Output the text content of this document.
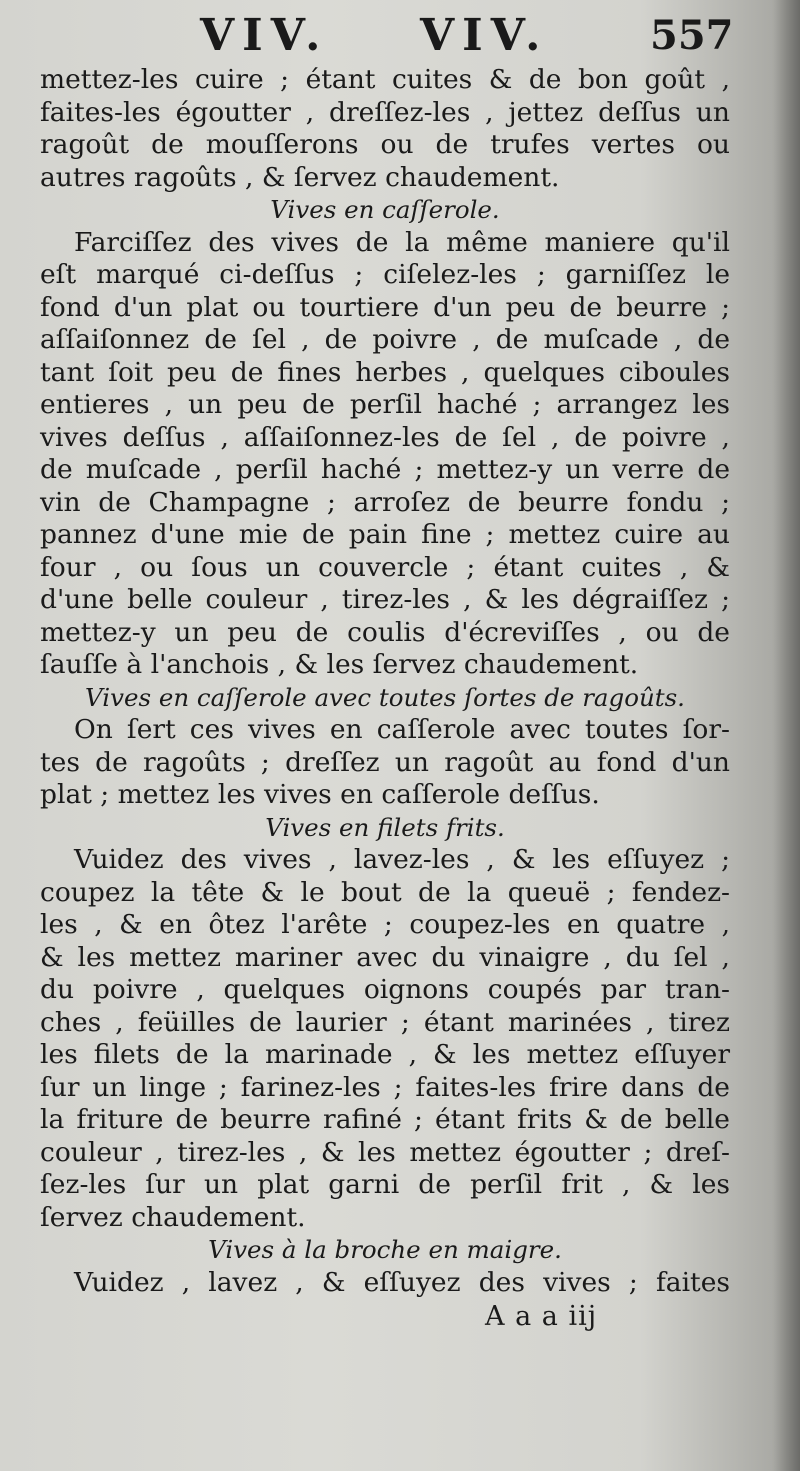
VIV. VIV.	557
mettez-les cuire ; étant cuites & de bon goût ,
faites-les égoutter , dreſſez-les , jettez deſſus un
ragoût de mouſſerons ou de trufes vertes ou
autres ragoûts , & ſervez chaudement.
Vives en caſſerole.
Farciſſez des vives de la même maniere qu'il
eſt marqué ci-deſſus ; ciſelez-les ; garniſſez le
fond d'un plat ou tourtiere d'un peu de beurre ;
aſſaiſonnez de ſel , de poivre , de muſcade , de
tant ſoit peu de fines herbes , quelques ciboules
entieres , un peu de perſil haché ; arrangez les
vives deſſus , aſſaiſonnez-les de ſel , de poivre ,
de muſcade , perſil haché ; mettez-y un verre de
vin de Champagne ; arroſez de beurre fondu ;
pannez d'une mie de pain fine ; mettez cuire au
four , ou ſous un couvercle ; étant cuites , &
d'une belle couleur , tirez-les , & les dégraiſſez ;
mettez-y un peu de coulis d'écreviſſes , ou de
ſauſſe à l'anchois , & les ſervez chaudement.
Vives en caſſerole avec toutes ſortes de ragoûts.
On ſert ces vives en caſſerole avec toutes ſor-
tes de ragoûts ; dreſſez un ragoût au fond d'un
plat ; mettez les vives en caſſerole deſſus.
Vives en filets frits.
Vuidez des vives , lavez-les , & les eſſuyez ;
coupez la tête & le bout de la queuë ; fendez-
les , & en ôtez l'arête ; coupez-les en quatre ,
& les mettez mariner avec du vinaigre , du ſel ,
du poivre , quelques oignons coupés par tran-
ches , feüilles de laurier ; étant marinées , tirez
les filets de la marinade , & les mettez eſſuyer
ſur un linge ; farinez-les ; faites-les frire dans de
la friture de beurre rafiné ; étant frits & de belle
couleur , tirez-les , & les mettez égoutter ; dreſ-
ſez-les ſur un plat garni de perſil frit , & les
ſervez chaudement.
Vives à la broche en maigre.
Vuidez , lavez , & eſſuyez des vives ; faites
A a a iij
